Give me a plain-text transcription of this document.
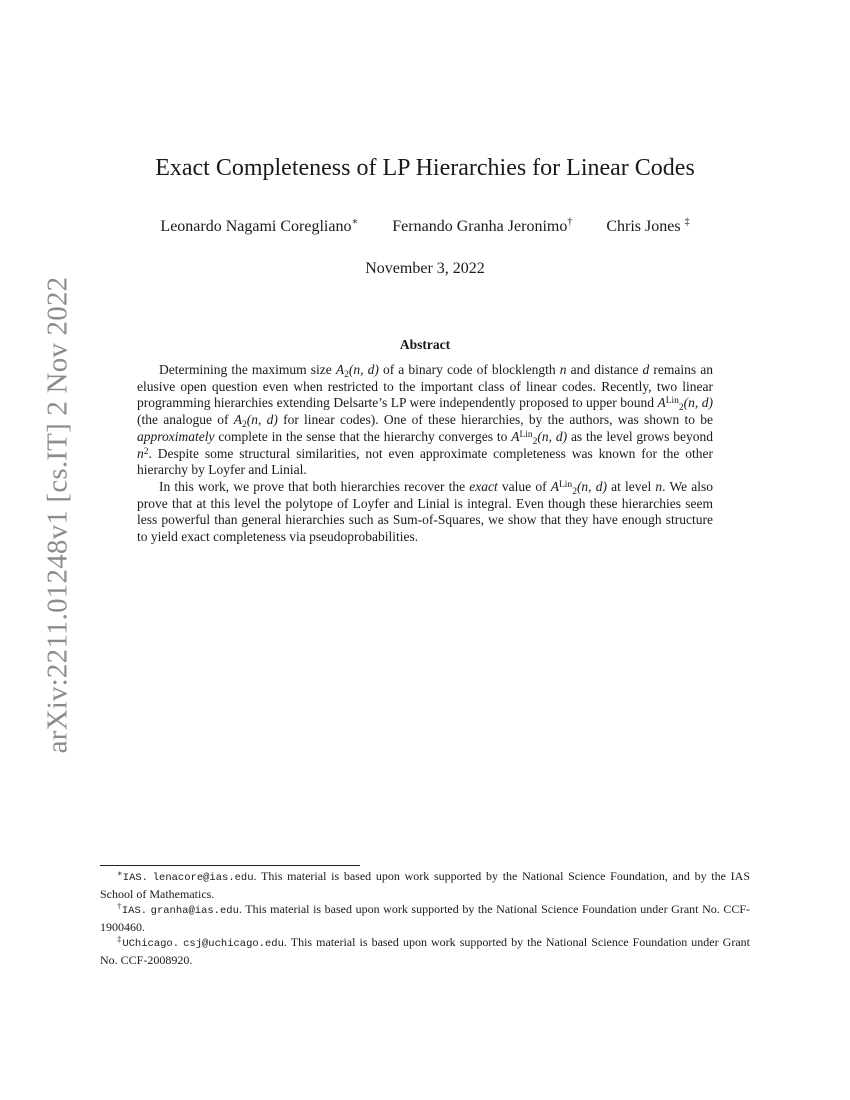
arXiv:2211.01248v1 [cs.IT] 2 Nov 2022
Exact Completeness of LP Hierarchies for Linear Codes
Leonardo Nagami Coregliano∗ Fernando Granha Jeronimo† Chris Jones ‡
November 3, 2022
Abstract

Determining the maximum size $A_2(n$, d) of a binary code of blocklength n and distance d remains an elusive open question even when restricted to the important class of linear codes. Recently, two linear programming hierarchies extending Delsarte’s LP were independently proposed to upper bound $A^{Lin}_2(n$, d) (the analogue of $A_2(n$, d) for linear codes). One of these hierarchies, by the authors, was shown to be approximately complete in the sense that the hierarchy converges to $A^{Lin}_2(n$, d) as the level grows beyond $n^2$. Despite some structural similarities, not even approximate completeness was known for the other hierarchy by Loyfer and Linial.

In this work, we prove that both hierarchies recover the exact value of $A^{Lin}_2(n$, d) at level n. We also prove that at this level the polytope of Loyfer and Linial is integral. Even though these hierarchies seem less powerful than general hierarchies such as Sum-of-Squares, we show that they have enough structure to yield exact completeness via pseudoprobabilities.

∗IAS. lenacore@ias.edu. This material is based upon work supported by the National Science Foundation, and by the IAS School of Mathematics.

†IAS. granha@ias.edu. This material is based upon work supported by the National Science Foundation under Grant No. CCF-1900460.

‡UChicago. csj@uchicago.edu. This material is based upon work supported by the National Science Foundation under Grant No. CCF-2008920.
